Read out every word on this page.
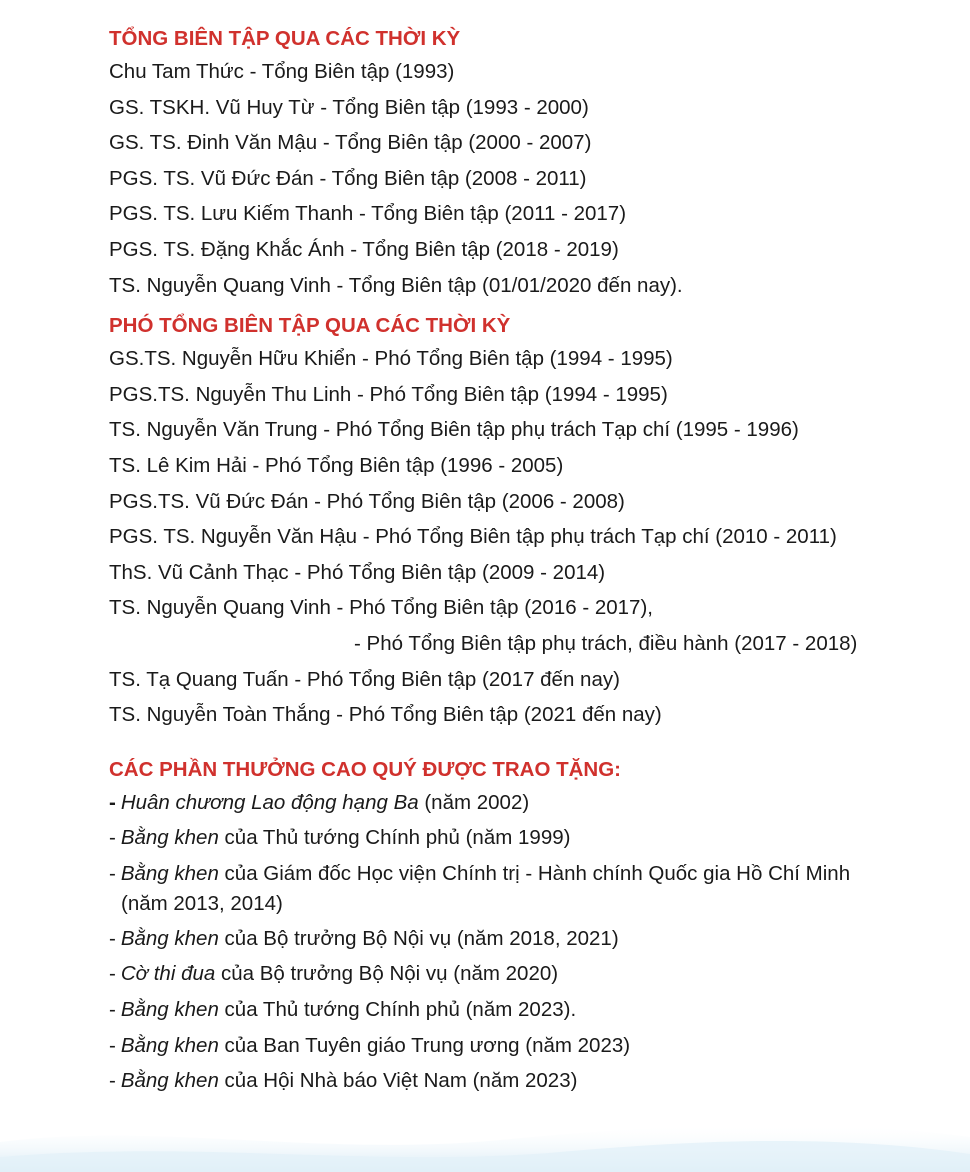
TỔNG BIÊN TẬP QUA CÁC THỜI KỲ
Chu Tam Thức - Tổng Biên tập (1993)
GS. TSKH. Vũ Huy Từ - Tổng Biên tập (1993 - 2000)
GS. TS. Đinh Văn Mậu - Tổng Biên tập (2000 - 2007)
PGS. TS. Vũ Đức Đán - Tổng Biên tập (2008 - 2011)
PGS. TS. Lưu Kiếm Thanh - Tổng Biên tập (2011 - 2017)
PGS. TS. Đặng Khắc Ánh - Tổng Biên tập (2018 - 2019)
TS. Nguyễn Quang Vinh - Tổng Biên tập (01/01/2020 đến nay).
PHÓ TỔNG BIÊN TẬP QUA CÁC THỜI KỲ
GS.TS. Nguyễn Hữu Khiển - Phó Tổng Biên tập (1994 - 1995)
PGS.TS. Nguyễn Thu Linh - Phó Tổng Biên tập (1994 - 1995)
TS. Nguyễn Văn Trung - Phó Tổng Biên tập phụ trách Tạp chí (1995 - 1996)
TS. Lê Kim Hải - Phó Tổng Biên tập (1996 - 2005)
PGS.TS. Vũ Đức Đán - Phó Tổng Biên tập (2006 - 2008)
PGS. TS. Nguyễn Văn Hậu - Phó Tổng Biên tập phụ trách Tạp chí (2010 - 2011)
ThS. Vũ Cảnh Thạc - Phó Tổng Biên tập (2009 - 2014)
TS. Nguyễn Quang Vinh - Phó Tổng Biên tập (2016 - 2017),
- Phó Tổng Biên tập phụ trách, điều hành (2017 - 2018)
TS. Tạ Quang Tuấn - Phó Tổng Biên tập (2017 đến nay)
TS. Nguyễn Toàn Thắng - Phó Tổng Biên tập (2021 đến nay)
CÁC PHẦN THƯỞNG CAO QUÝ ĐƯỢC TRAO TẶNG:
- Huân chương Lao động hạng Ba (năm 2002)
- Bằng khen của Thủ tướng Chính phủ (năm 1999)
- Bằng khen của Giám đốc Học viện Chính trị - Hành chính Quốc gia Hồ Chí Minh
(năm 2013, 2014)
- Bằng khen của Bộ trưởng Bộ Nội vụ (năm 2018, 2021)
- Cờ thi đua của Bộ trưởng Bộ Nội vụ (năm 2020)
- Bằng khen của Thủ tướng Chính phủ (năm 2023).
- Bằng khen của Ban Tuyên giáo Trung ương (năm 2023)
- Bằng khen của Hội Nhà báo Việt Nam (năm 2023)
